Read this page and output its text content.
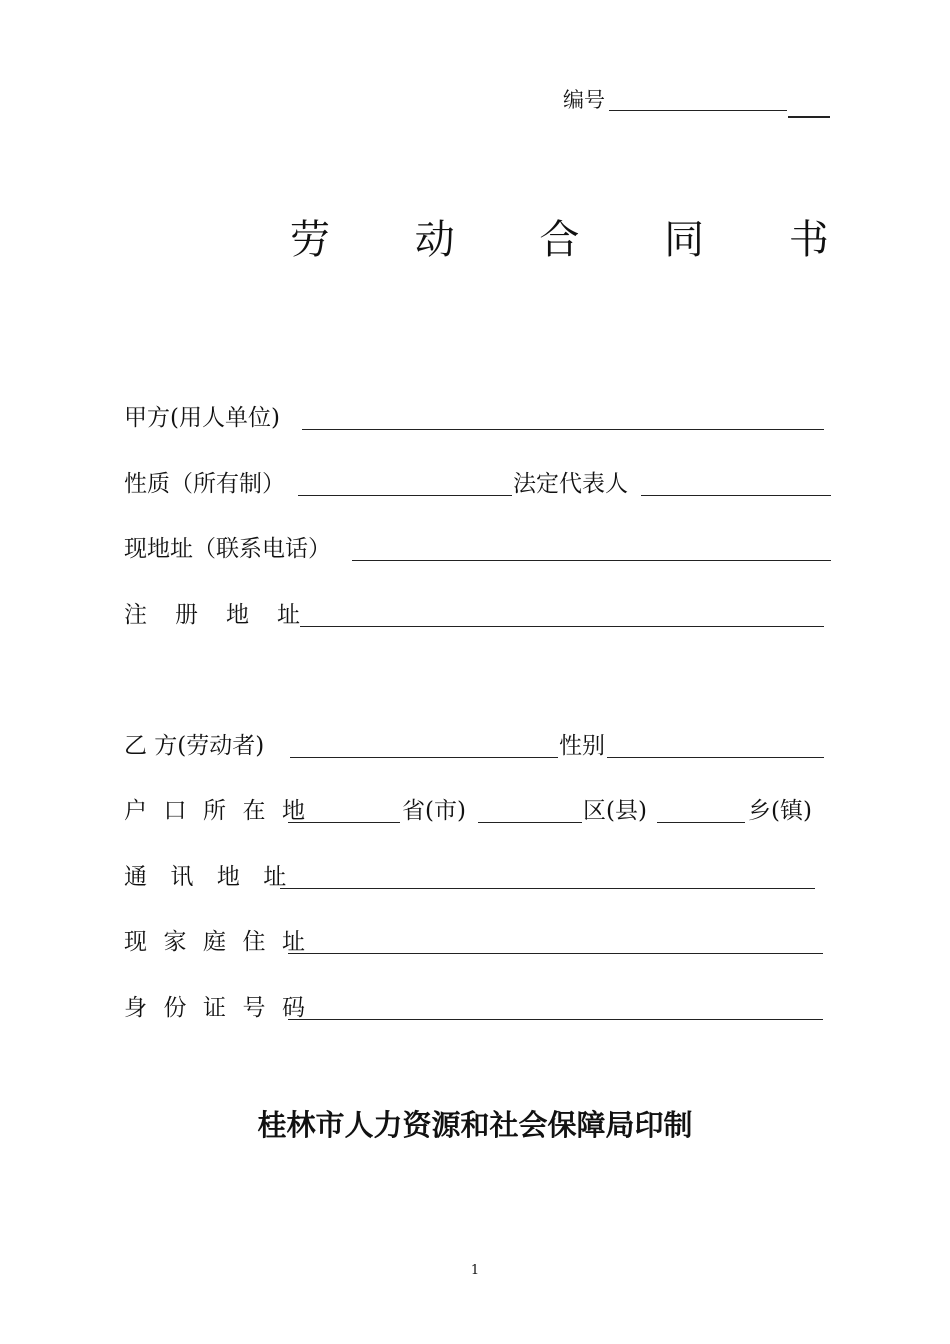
编号
劳 动 合 同 书
甲方(用人单位)
性质（所有制）	法定代表人
现地址（联系电话）
注 册 地 址
乙 方(劳动者)	性别
户 口 所 在 地	省(市)	区(县)	乡(镇)
通 讯 地 址
现 家 庭 住 址
身 份 证 号 码
桂林市人力资源和社会保障局印制
1
